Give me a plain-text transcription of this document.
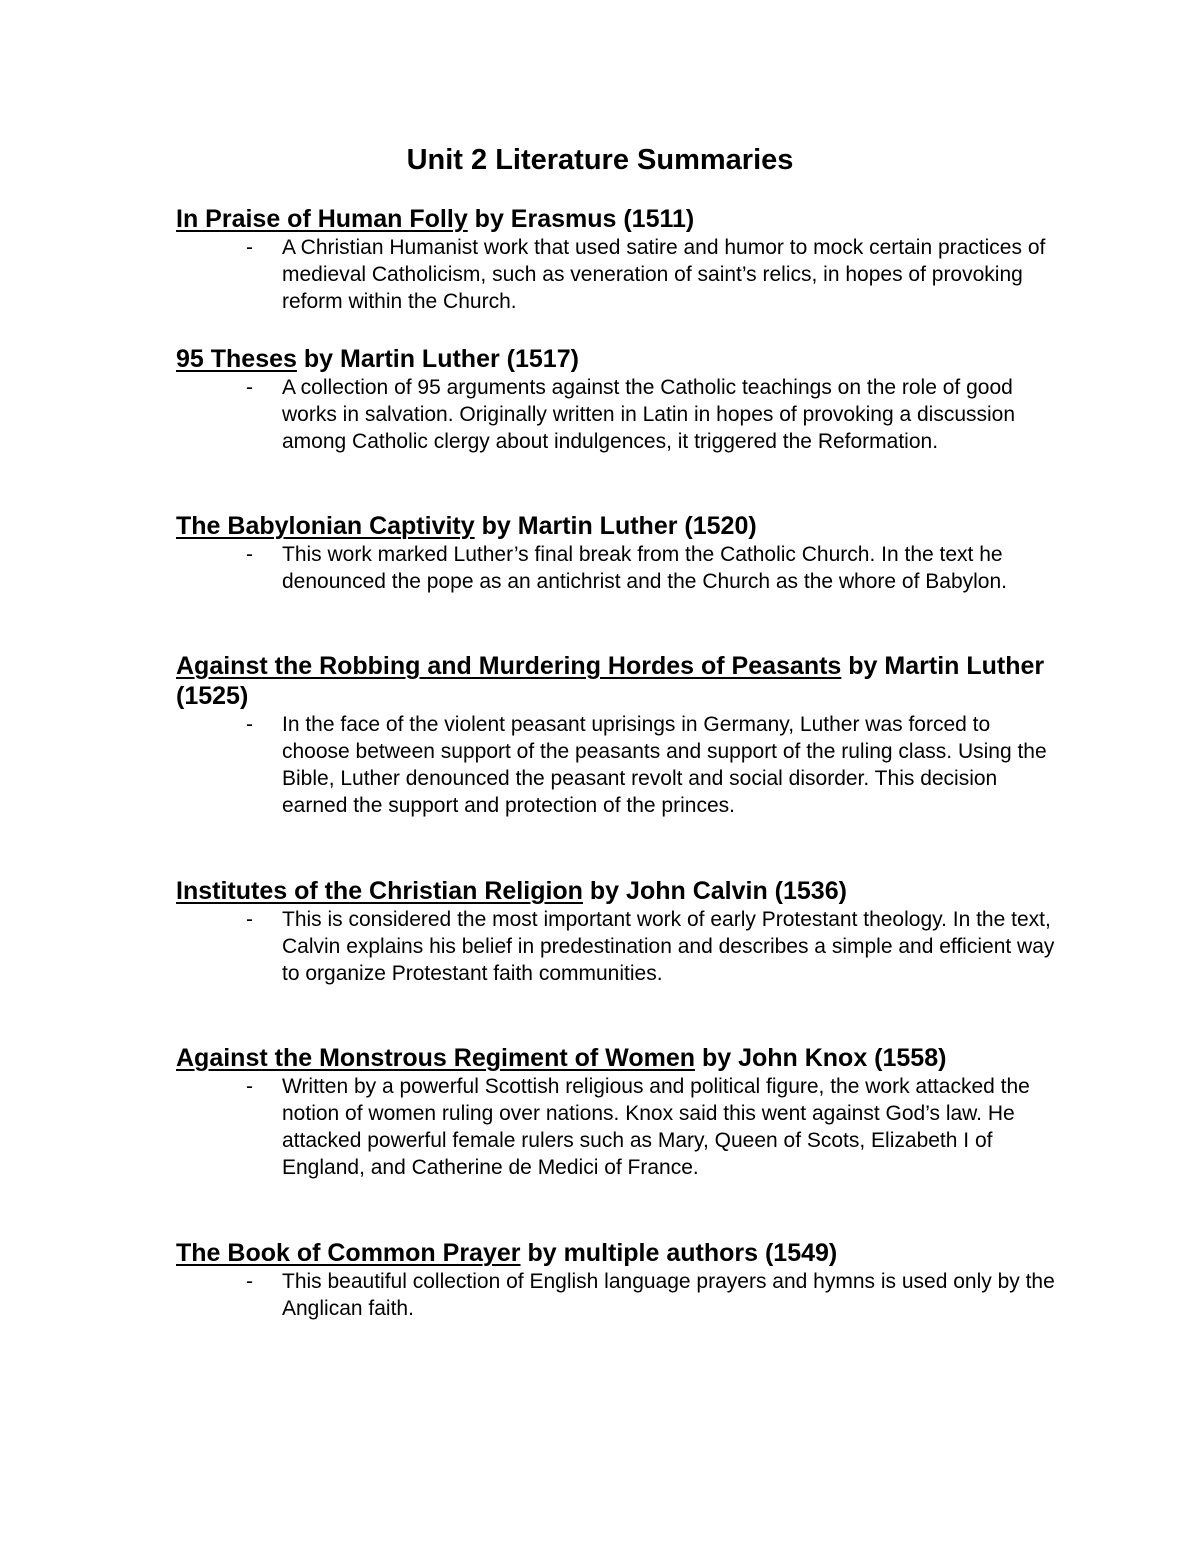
Unit 2 Literature Summaries

In Praise of Human Folly by Erasmus (1511)

- A Christian Humanist work that used satire and humor to mock certain practices of medieval Catholicism, such as veneration of saint’s relics, in hopes of provoking reform within the Church.

95 Theses by Martin Luther (1517)

- A collection of 95 arguments against the Catholic teachings on the role of good works in salvation. Originally written in Latin in hopes of provoking a discussion among Catholic clergy about indulgences, it triggered the Reformation.

The Babylonian Captivity by Martin Luther (1520)

- This work marked Luther’s final break from the Catholic Church. In the text he denounced the pope as an antichrist and the Church as the whore of Babylon.

Against the Robbing and Murdering Hordes of Peasants by Martin Luther (1525)

- In the face of the violent peasant uprisings in Germany, Luther was forced to choose between support of the peasants and support of the ruling class. Using the Bible, Luther denounced the peasant revolt and social disorder. This decision earned the support and protection of the princes.

Institutes of the Christian Religion by John Calvin (1536)

- This is considered the most important work of early Protestant theology. In the text, Calvin explains his belief in predestination and describes a simple and efficient way to organize Protestant faith communities.

Against the Monstrous Regiment of Women by John Knox (1558)

- Written by a powerful Scottish religious and political figure, the work attacked the notion of women ruling over nations. Knox said this went against God’s law. He attacked powerful female rulers such as Mary, Queen of Scots, Elizabeth I of England, and Catherine de Medici of France.

The Book of Common Prayer by multiple authors (1549)

- This beautiful collection of English language prayers and hymns is used only by the Anglican faith.
